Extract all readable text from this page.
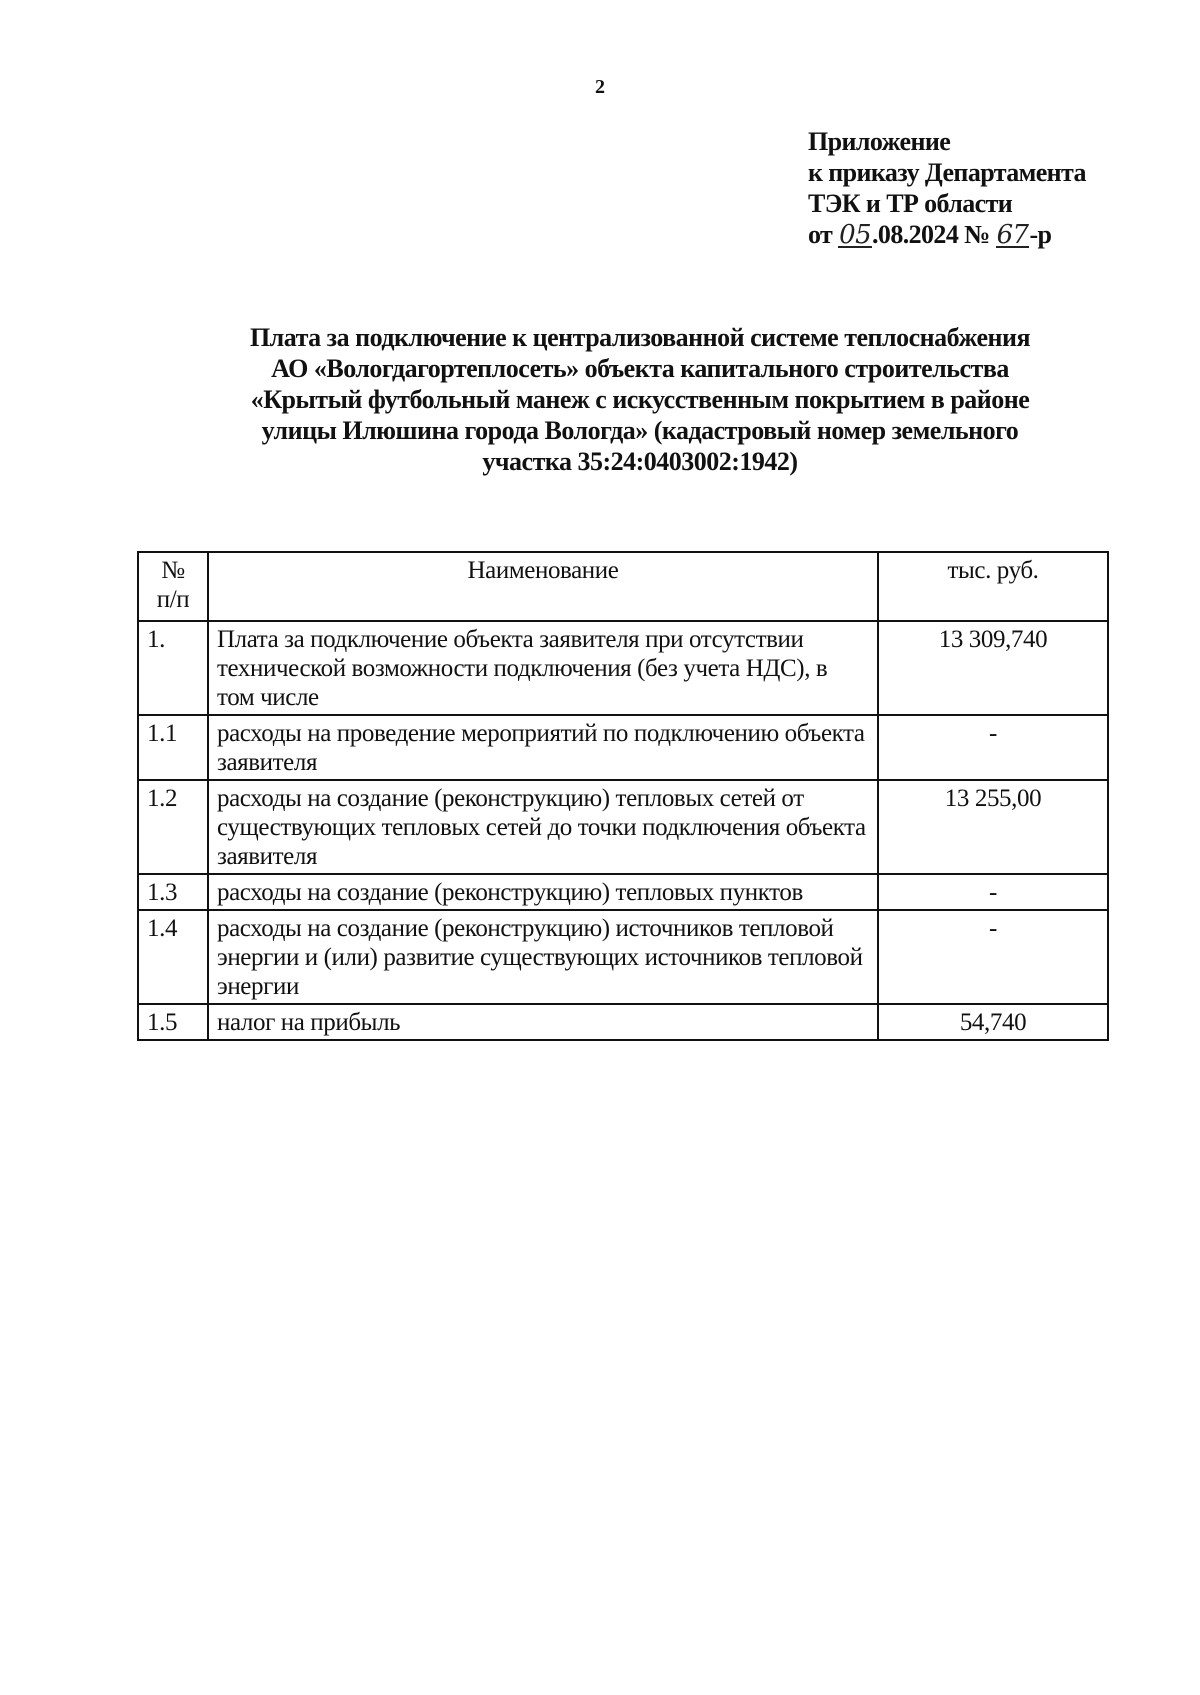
2
Приложение
к приказу Департамента
ТЭК и ТР области
от 05.08.2024 № 67-р
Плата за подключение к централизованной системе теплоснабжения
АО «Вологдагортеплосеть» объекта капитального строительства
«Крытый футбольный манеж с искусственным покрытием в районе
улицы Илюшина города Вологда» (кадастровый номер земельного
участка 35:24:0403002:1942)
№
п/п	Наименование	тыс. руб.
1.	Плата за подключение объекта заявителя при отсутствии технической возможности подключения (без учета НДС), в том числе	13 309,740
1.1	расходы на проведение мероприятий по подключению объекта заявителя	-
1.2	расходы на создание (реконструкцию) тепловых сетей от существующих тепловых сетей до точки подключения объекта заявителя	13 255,00
1.3	расходы на создание (реконструкцию) тепловых пунктов	-
1.4	расходы на создание (реконструкцию) источников тепловой энергии и (или) развитие существующих источников тепловой энергии	-
1.5	налог на прибыль	54,740
